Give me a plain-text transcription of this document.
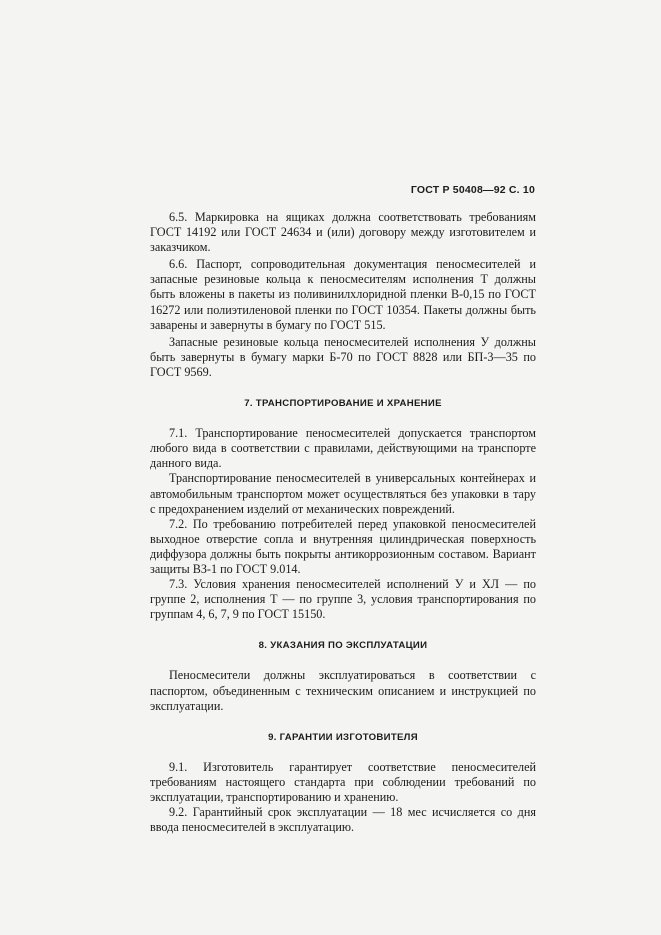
ГОСТ Р 50408—92 С. 10

6.5. Маркировка на ящиках должна соответствовать требованиям ГОСТ 14192 или ГОСТ 24634 и (или) договору между изготовителем и заказчиком.

6.6. Паспорт, сопроводительная документация пеносмесителей и запасные резиновые кольца к пеносмесителям исполнения Т должны быть вложены в пакеты из поливинилхлоридной пленки В-0,15 по ГОСТ 16272 или полиэтиленовой пленки по ГОСТ 10354. Пакеты должны быть заварены и завернуты в бумагу по ГОСТ 515.

Запасные резиновые кольца пеносмесителей исполнения У должны быть завернуты в бумагу марки Б-70 по ГОСТ 8828 или БП-3—35 по ГОСТ 9569.

7. ТРАНСПОРТИРОВАНИЕ И ХРАНЕНИЕ

7.1. Транспортирование пеносмесителей допускается транспортом любого вида в соответствии с правилами, действующими на транспорте данного вида.

Транспортирование пеносмесителей в универсальных контейнерах и автомобильным транспортом может осуществляться без упаковки в тару с предохранением изделий от механических повреждений.

7.2. По требованию потребителей перед упаковкой пеносмесителей выходное отверстие сопла и внутренняя цилиндрическая поверхность диффузора должны быть покрыты антикоррозионным составом. Вариант защиты ВЗ-1 по ГОСТ 9.014.

7.3. Условия хранения пеносмесителей исполнений У и ХЛ — по группе 2, исполнения Т — по группе 3, условия транспортирования по группам 4, 6, 7, 9 по ГОСТ 15150.

8. УКАЗАНИЯ ПО ЭКСПЛУАТАЦИИ

Пеносмесители должны эксплуатироваться в соответствии с паспортом, объединенным с техническим описанием и инструкцией по эксплуатации.

9. ГАРАНТИИ ИЗГОТОВИТЕЛЯ

9.1. Изготовитель гарантирует соответствие пеносмесителей требованиям настоящего стандарта при соблюдении требований по эксплуатации, транспортированию и хранению.

9.2. Гарантийный срок эксплуатации — 18 мес исчисляется со дня ввода пеносмесителей в эксплуатацию.
